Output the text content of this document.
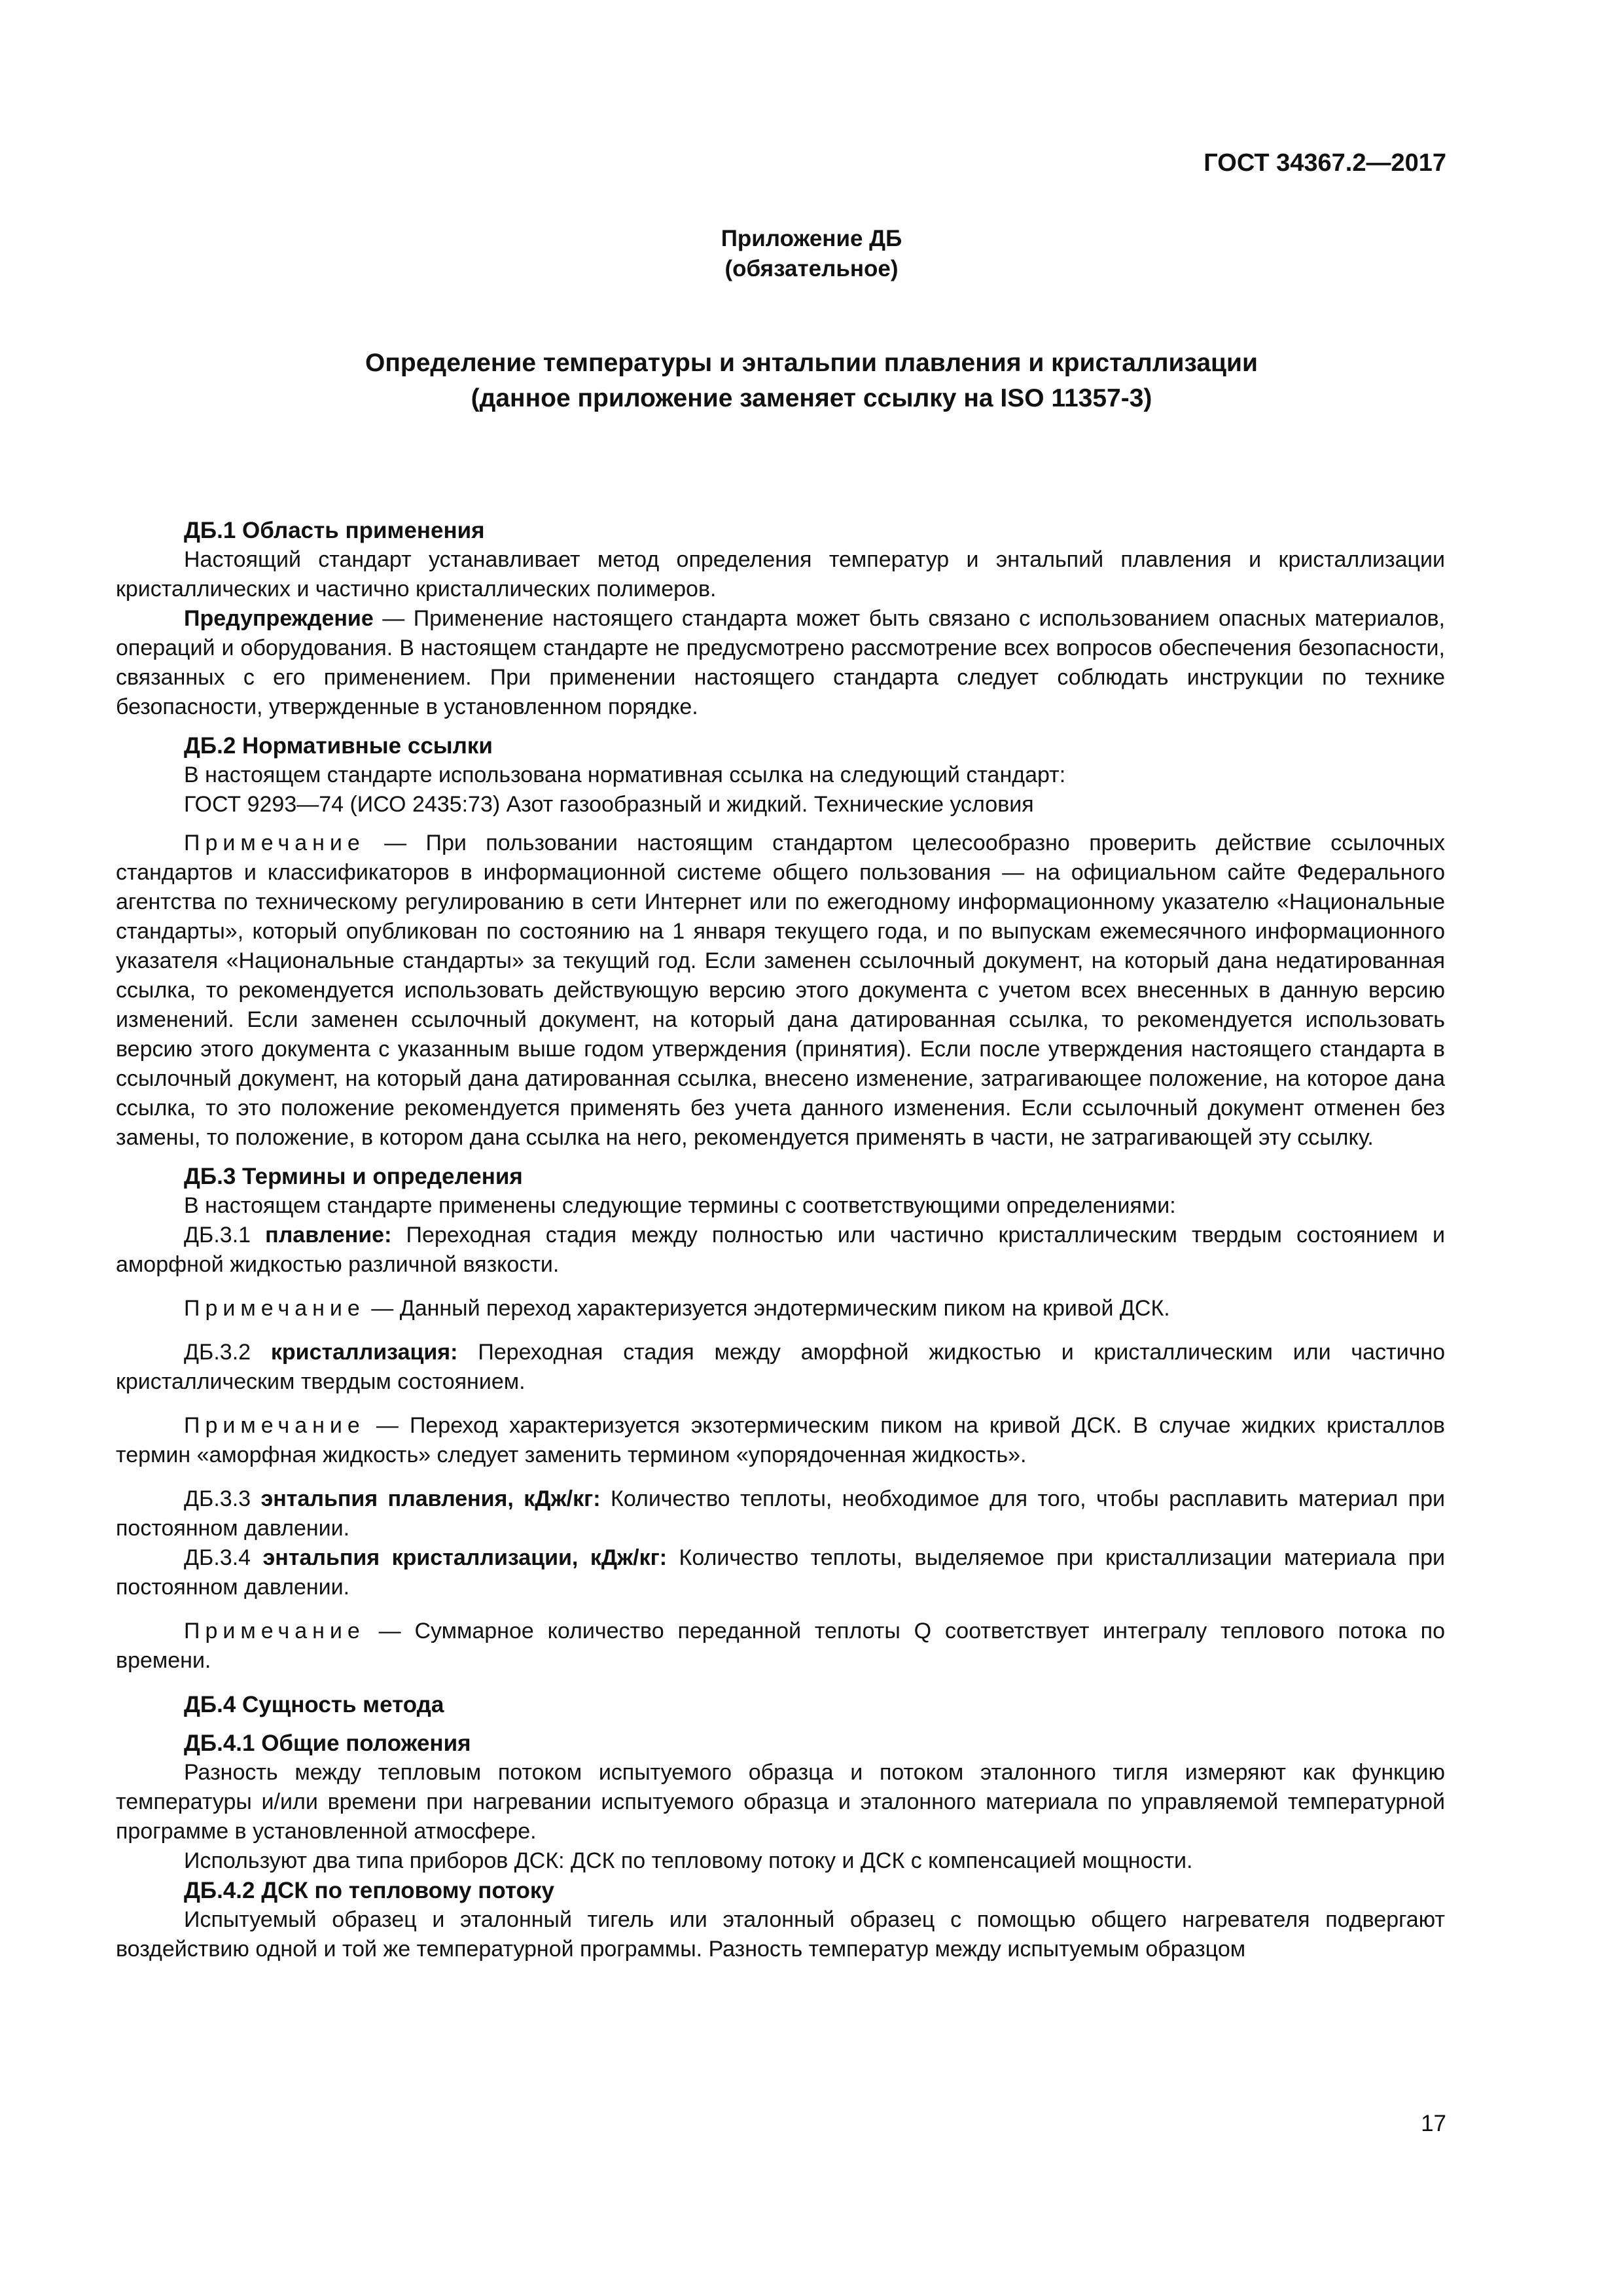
ГОСТ 34367.2—2017
Приложение ДБ
(обязательное)
Определение температуры и энтальпии плавления и кристаллизации
(данное приложение заменяет ссылку на ISO 11357-3)
ДБ.1 Область применения

Настоящий стандарт устанавливает метод определения температур и энтальпий плавления и кристаллизации кристаллических и частично кристаллических полимеров.

Предупреждение — Применение настоящего стандарта может быть связано с использованием опасных материалов, операций и оборудования. В настоящем стандарте не предусмотрено рассмотрение всех вопросов обеспечения безопасности, связанных с его применением. При применении настоящего стандарта следует соблюдать инструкции по технике безопасности, утвержденные в установленном порядке.

ДБ.2 Нормативные ссылки

В настоящем стандарте использована нормативная ссылка на следующий стандарт:

ГОСТ 9293—74 (ИСО 2435:73) Азот газообразный и жидкий. Технические условия

Примечание — При пользовании настоящим стандартом целесообразно проверить действие ссылочных стандартов и классификаторов в информационной системе общего пользования — на официальном сайте Федерального агентства по техническому регулированию в сети Интернет или по ежегодному информационному указателю «Национальные стандарты», который опубликован по состоянию на 1 января текущего года, и по выпускам ежемесячного информационного указателя «Национальные стандарты» за текущий год. Если заменен ссылочный документ, на который дана недатированная ссылка, то рекомендуется использовать действующую версию этого документа с учетом всех внесенных в данную версию изменений. Если заменен ссылочный документ, на который дана датированная ссылка, то рекомендуется использовать версию этого документа с указанным выше годом утверждения (принятия). Если после утверждения настоящего стандарта в ссылочный документ, на который дана датированная ссылка, внесено изменение, затрагивающее положение, на которое дана ссылка, то это положение рекомендуется применять без учета данного изменения. Если ссылочный документ отменен без замены, то положение, в котором дана ссылка на него, рекомендуется применять в части, не затрагивающей эту ссылку.

ДБ.3 Термины и определения

В настоящем стандарте применены следующие термины с соответствующими определениями:

ДБ.3.1 плавление: Переходная стадия между полностью или частично кристаллическим твердым состоянием и аморфной жидкостью различной вязкости.

Примечание — Данный переход характеризуется эндотермическим пиком на кривой ДСК.

ДБ.3.2 кристаллизация: Переходная стадия между аморфной жидкостью и кристаллическим или частично кристаллическим твердым состоянием.

Примечание — Переход характеризуется экзотермическим пиком на кривой ДСК. В случае жидких кристаллов термин «аморфная жидкость» следует заменить термином «упорядоченная жидкость».

ДБ.3.3 энтальпия плавления, кДж/кг: Количество теплоты, необходимое для того, чтобы расплавить материал при постоянном давлении.

ДБ.3.4 энтальпия кристаллизации, кДж/кг: Количество теплоты, выделяемое при кристаллизации материала при постоянном давлении.

Примечание — Суммарное количество переданной теплоты Q соответствует интегралу теплового потока по времени.

ДБ.4 Сущность метода
ДБ.4.1 Общие положения

Разность между тепловым потоком испытуемого образца и потоком эталонного тигля измеряют как функцию температуры и/или времени при нагревании испытуемого образца и эталонного материала по управляемой температурной программе в установленной атмосфере.

Используют два типа приборов ДСК: ДСК по тепловому потоку и ДСК с компенсацией мощности.

ДБ.4.2 ДСК по тепловому потоку

Испытуемый образец и эталонный тигель или эталонный образец с помощью общего нагревателя подвергают воздействию одной и той же температурной программы. Разность температур между испытуемым образцом

17
